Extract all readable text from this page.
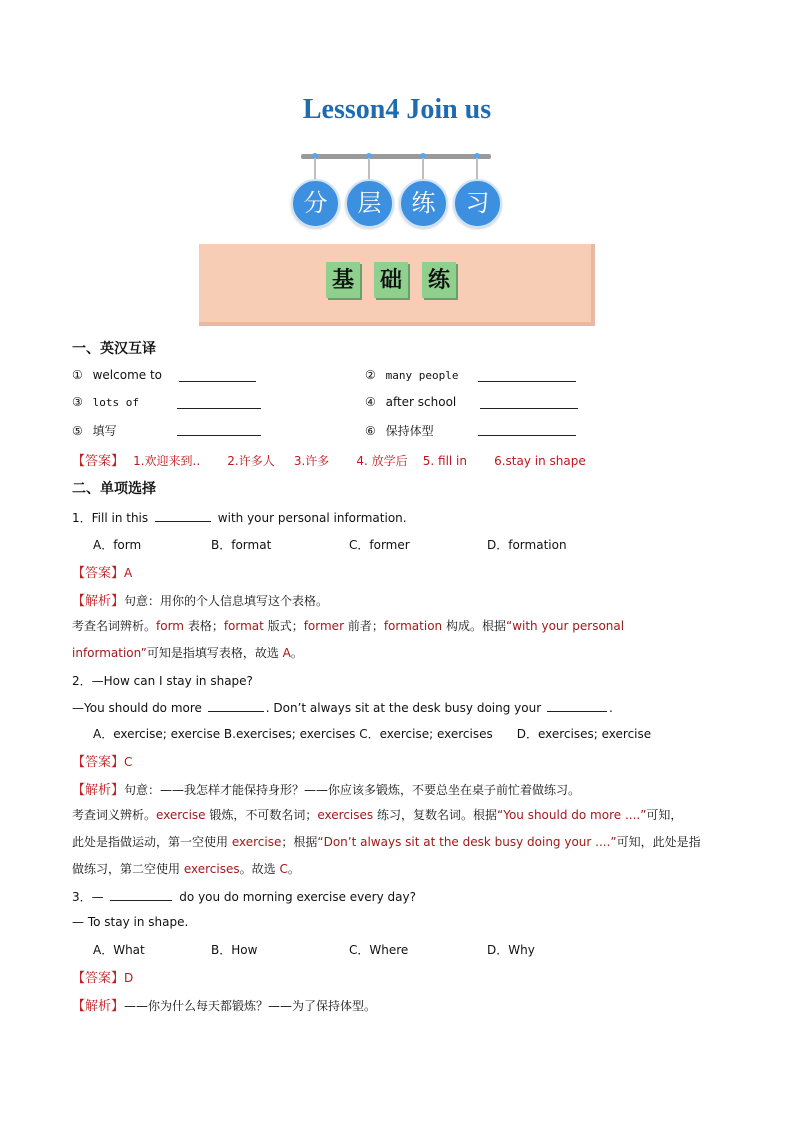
Lesson4 Join us
分	层	练	习
基 础 练
一、英汉互译
① welcome to	② many people
③ lots of	④ after school
⑤ 填写	⑥ 保持体型
【答案】 1.欢迎来到.. 2.许多人 3.许多 4. 放学后 5. fill in 6.stay in shape
二、单项选择
1．Fill in this	with your personal information.
A．form	B．format	C．former	D．formation
【答案】A
【解析】句意：用你的个人信息填写这个表格。
考查名词辨析。form 表格；format 版式；former 前者；formation 构成。根据“with your personal
information”可知是指填写表格，故选 A。
2．—How can I stay in shape?
—You should do more	. Don’t always sit at the desk busy doing your	.
A．exercise; exercise B.exercises; exercises C．exercise; exercises　　D．exercises; exercise
【答案】C
【解析】句意：——我怎样才能保持身形？——你应该多锻炼，不要总坐在桌子前忙着做练习。
考查词义辨析。exercise 锻炼，不可数名词；exercises 练习，复数名词。根据“You should do more ....”可知，
此处是指做运动，第一空使用 exercise；根据“Don’t always sit at the desk busy doing your ....”可知，此处是指
做练习，第二空使用 exercises。故选 C。
3．—	do you do morning exercise every day?
— To stay in shape.
A．What	B．How	C．Where	D．Why
【答案】D
【解析】——你为什么每天都锻炼？——为了保持体型。
